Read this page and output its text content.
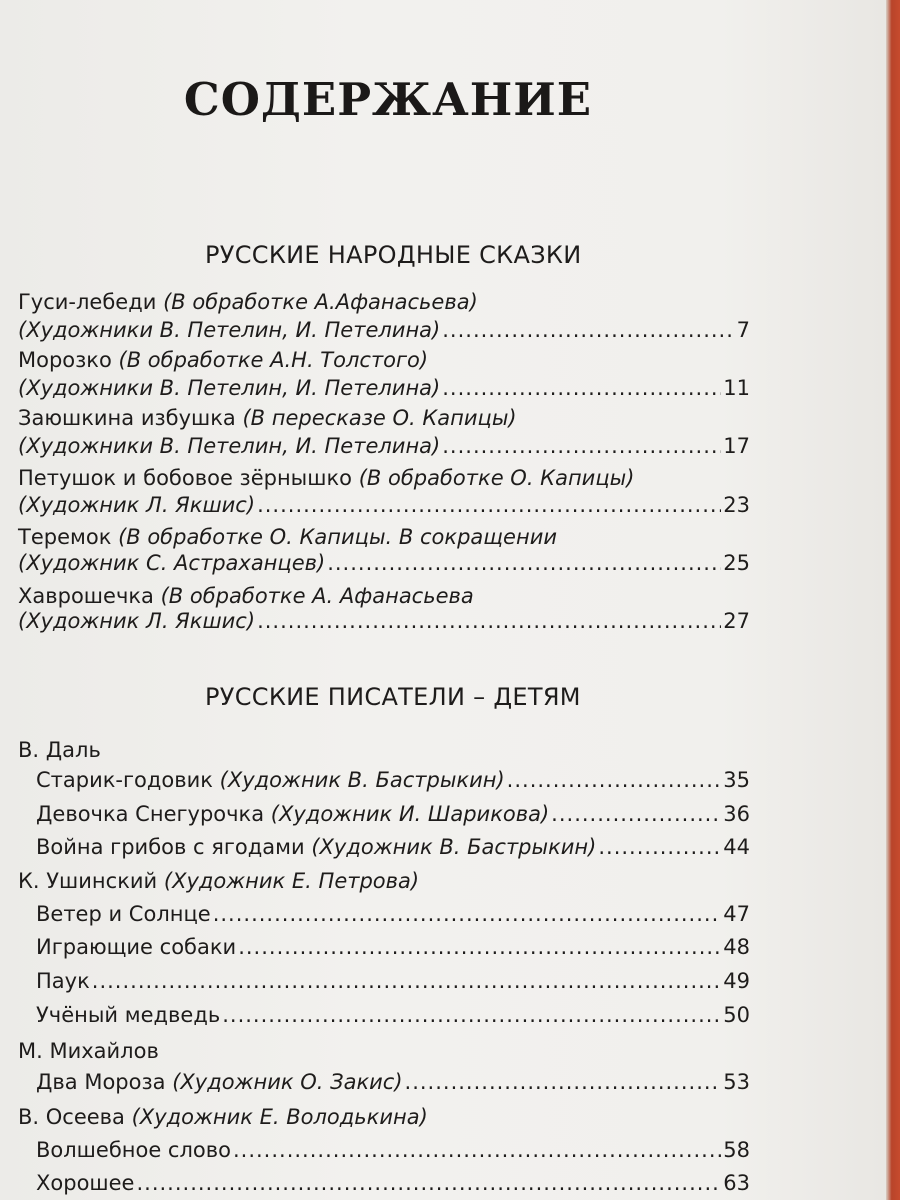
СОДЕРЖАНИЕ
РУССКИЕ НАРОДНЫЕ СКАЗКИ
Гуси-лебеди (В обработке А.Афанасьева)
(Художники В. Петелин, И. Петелина) .....	7
Морозко (В обработке А.Н. Толстого)
(Художники В. Петелин, И. Петелина) .....	11
Заюшкина избушка (В пересказе О. Капицы)
(Художники В. Петелин, И. Петелина) .....	17
Петушок и бобовое зёрнышко (В обработке О. Капицы)
(Художник Л. Якшис) .....	23
Теремок (В обработке О. Капицы. В сокращении
(Художник С. Астраханцев) .....	25
Хаврошечка (В обработке А. Афанасьева
(Художник Л. Якшис) .....	27
РУССКИЕ ПИСАТЕЛИ – ДЕТЯМ
В. Даль
Старик-годовик (Художник В. Бастрыкин) .....	35
Девочка Снегурочка (Художник И. Шарикова) .....	36
Война грибов с ягодами (Художник В. Бастрыкин) .....	44
К. Ушинский (Художник Е. Петрова)
Ветер и Солнце .....	47
Играющие собаки .....	48
Паук .....	49
Учёный медведь .....	50
М. Михайлов
Два Мороза (Художник О. Закис) .....	53
В. Осеева (Художник Е. Володькина)
Волшебное слово .....	58
Хорошее .....	63
